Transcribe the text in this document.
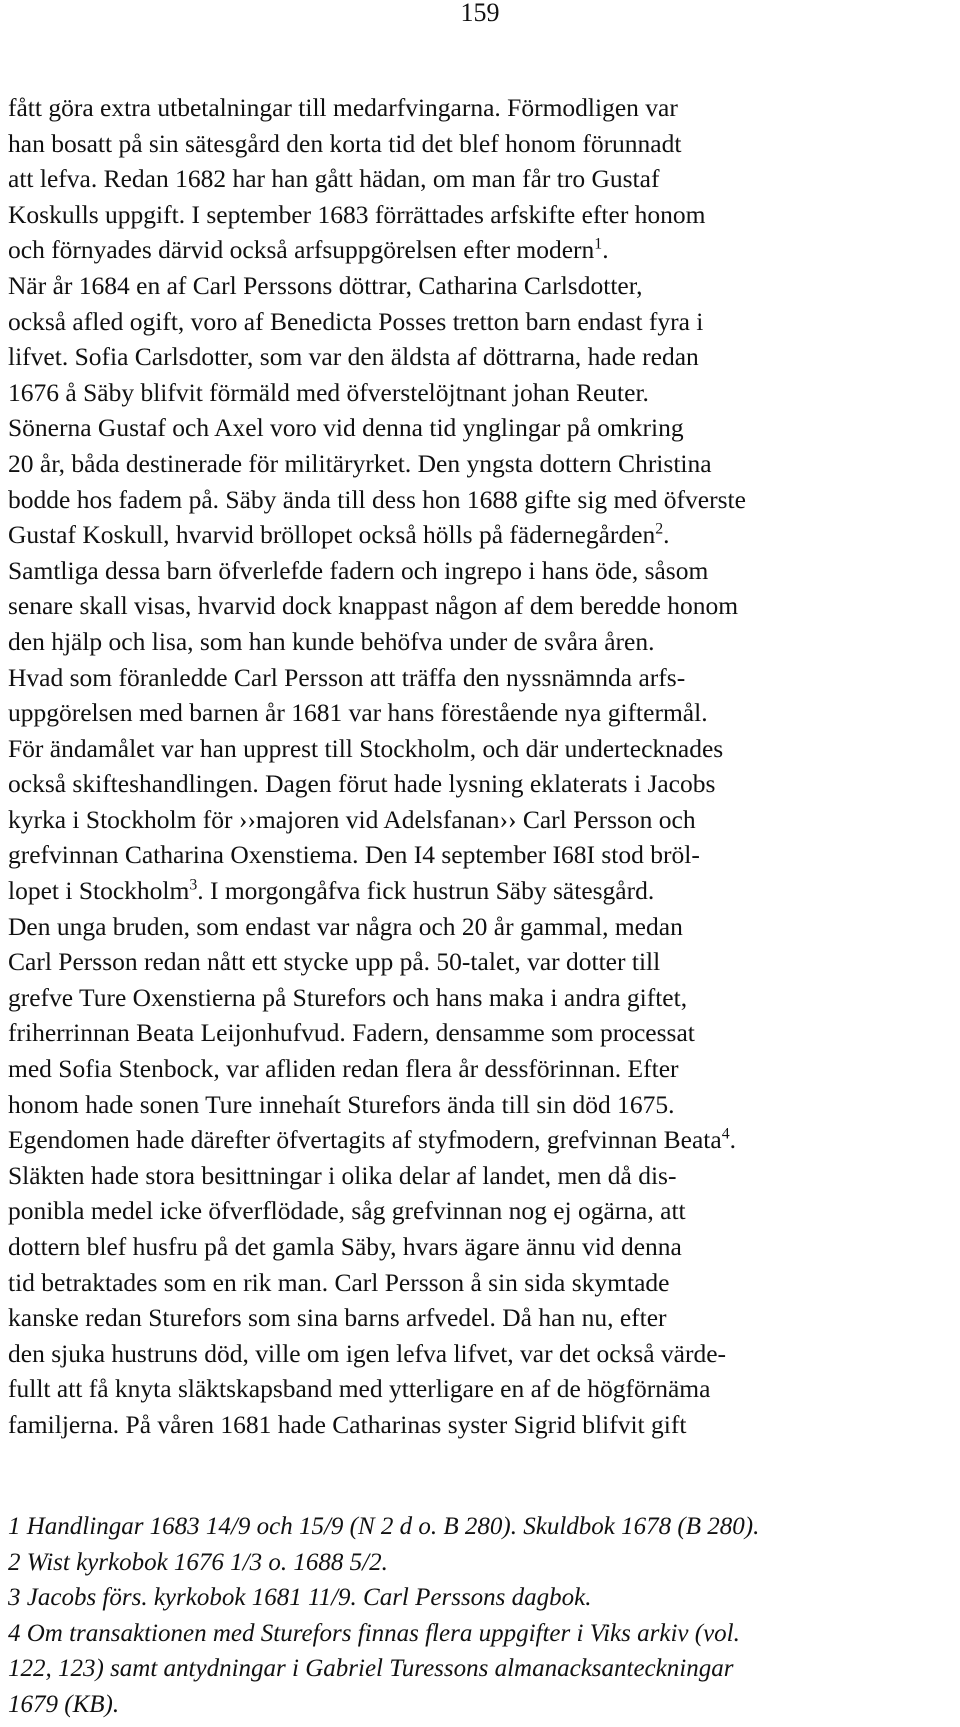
159
fått göra extra utbetalningar till medarfvingarna. Förmodligen var
han bosatt på sin sätesgård den korta tid det blef honom förunnadt
att lefva. Redan 1682 har han gått hädan, om man får tro Gustaf
Koskulls uppgift. I september 1683 förrättades arfskifte efter honom
och förnyades därvid också arfsuppgörelsen efter modern$^1$.
När år 1684 en af Carl Perssons döttrar, Catharina Carlsdotter,
också afled ogift, voro af Benedicta Posses tretton barn endast fyra i
lifvet. Sofia Carlsdotter, som var den äldsta af döttrarna, hade redan
1676 å Säby blifvit förmäld med öfverstelöjtnant johan Reuter.
Sönerna Gustaf och Axel voro vid denna tid ynglingar på omkring
20 år, båda destinerade för militäryrket. Den yngsta dottern Christina
bodde hos fadem på. Säby ända till dess hon 1688 gifte sig med öfverste
Gustaf Koskull, hvarvid bröllopet också hölls på fädernegården$^2$.
Samtliga dessa barn öfverlefde fadern och ingrepo i hans öde, såsom
senare skall visas, hvarvid dock knappast någon af dem beredde honom
den hjälp och lisa, som han kunde behöfva under de svåra åren.
Hvad som föranledde Carl Persson att träffa den nyssnämnda arfs-
uppgörelsen med barnen år 1681 var hans förestående nya giftermål.
För ändamålet var han upprest till Stockholm, och där undertecknades
också skifteshandlingen. Dagen förut hade lysning eklaterats i Jacobs
kyrka i Stockholm för ››majoren vid Adelsfanan›› Carl Persson och
grefvinnan Catharina Oxenstiema. Den I4 september I68I stod bröl-
lopet i Stockholm$^3$. I morgongåfva fick hustrun Säby sätesgård.
Den unga bruden, som endast var några och 20 år gammal, medan
Carl Persson redan nått ett stycke upp på. 50-talet, var dotter till
grefve Ture Oxenstierna på Sturefors och hans maka i andra giftet,
friherrinnan Beata Leijonhufvud. Fadern, densamme som processat
med Sofia Stenbock, var afliden redan flera år dessförinnan. Efter
honom hade sonen Ture innehaít Sturefors ända till sin död 1675.
Egendomen hade därefter öfvertagits af styfmodern, grefvinnan Beata$^4$.
Släkten hade stora besittningar i olika delar af landet, men då dis-
ponibla medel icke öfverflödade, såg grefvinnan nog ej ogärna, att
dottern blef husfru på det gamla Säby, hvars ägare ännu vid denna
tid betraktades som en rik man. Carl Persson å sin sida skymtade
kanske redan Sturefors som sina barns arfvedel. Då han nu, efter
den sjuka hustruns död, ville om igen lefva lifvet, var det också värde-
fullt att få knyta släktskapsband med ytterligare en af de högförnäma
familjerna. På våren 1681 hade Catharinas syster Sigrid blifvit gift
1 Handlingar 1683 14/9 och 15/9 (N 2 d o. B 280). Skuldbok 1678 (B 280).
2 Wist kyrkobok 1676 1/3 o. 1688 5/2.
3 Jacobs förs. kyrkobok 1681 11/9. Carl Perssons dagbok.
4 Om transaktionen med Sturefors finnas flera uppgifter i Viks arkiv (vol.
122, 123) samt antydningar i Gabriel Turessons almanacksanteckningar
1679 (KB).
